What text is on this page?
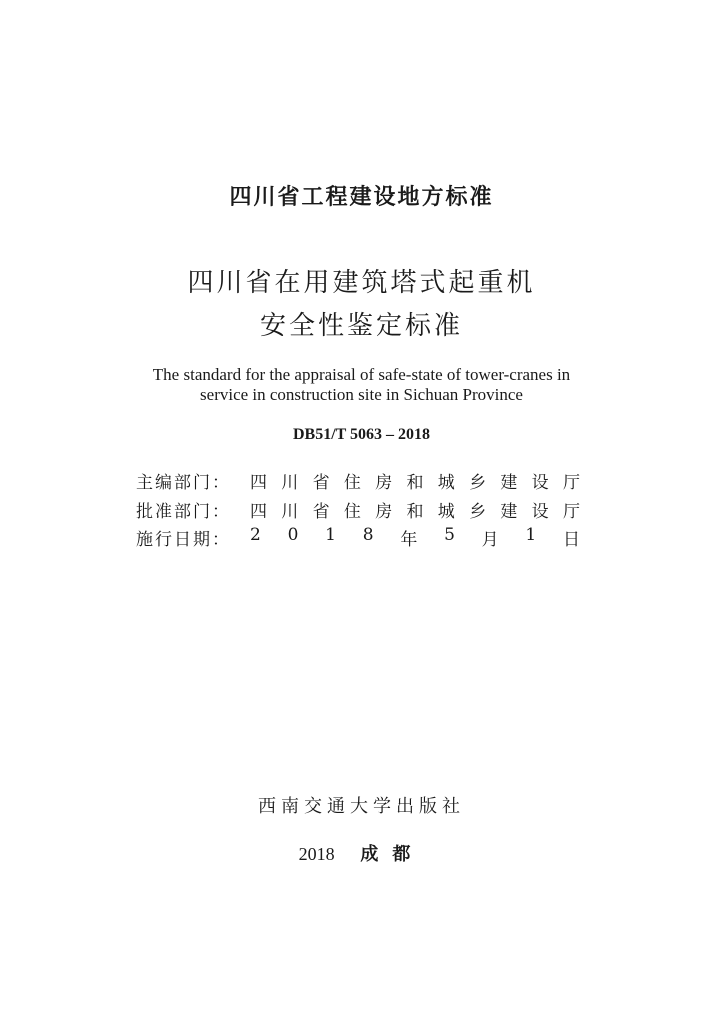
四川省工程建设地方标准
四川省在用建筑塔式起重机
安全性鉴定标准
The standard for the appraisal of safe-state of tower-cranes in
service in construction site in Sichuan Province
DB51/T 5063 – 2018
主编部门：	四 川 省 住 房 和 城 乡 建 设 厅
批准部门：	四 川 省 住 房 和 城 乡 建 设 厅
施行日期：	2 0 1 8 年 5 月 1 日
西南交通大学出版社
2018 成都
